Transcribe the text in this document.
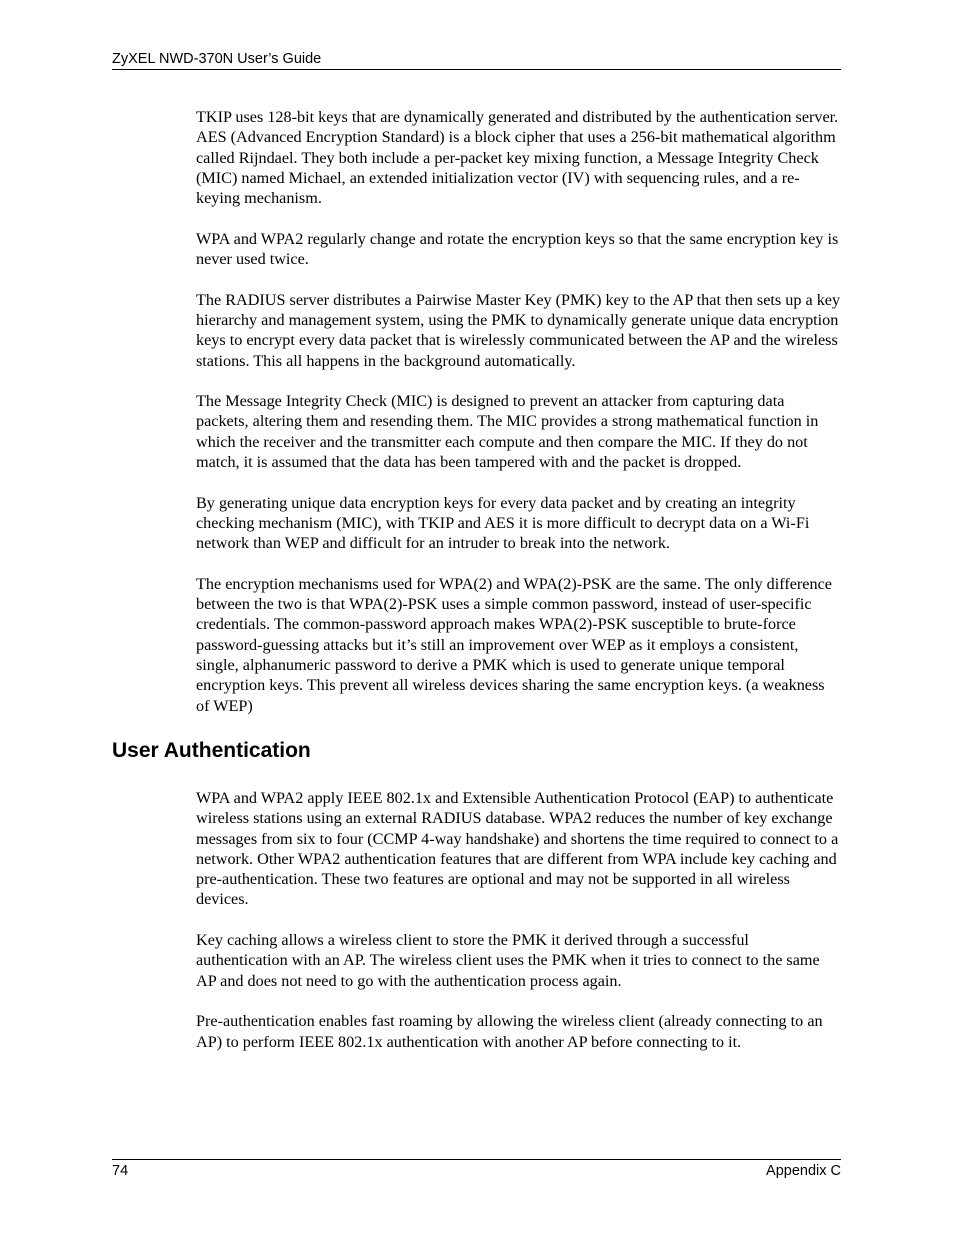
ZyXEL NWD-370N User’s Guide

TKIP uses 128-bit keys that are dynamically generated and distributed by the authentication server. AES (Advanced Encryption Standard) is a block cipher that uses a 256-bit mathematical algorithm called Rijndael. They both include a per-packet key mixing function, a Message Integrity Check (MIC) named Michael, an extended initialization vector (IV) with sequencing rules, and a re-keying mechanism.

WPA and WPA2 regularly change and rotate the encryption keys so that the same encryption key is never used twice.

The RADIUS server distributes a Pairwise Master Key (PMK) key to the AP that then sets up a key hierarchy and management system, using the PMK to dynamically generate unique data encryption keys to encrypt every data packet that is wirelessly communicated between the AP and the wireless stations. This all happens in the background automatically.

The Message Integrity Check (MIC) is designed to prevent an attacker from capturing data packets, altering them and resending them. The MIC provides a strong mathematical function in which the receiver and the transmitter each compute and then compare the MIC. If they do not match, it is assumed that the data has been tampered with and the packet is dropped.

By generating unique data encryption keys for every data packet and by creating an integrity checking mechanism (MIC), with TKIP and AES it is more difficult to decrypt data on a Wi-Fi network than WEP and difficult for an intruder to break into the network.

The encryption mechanisms used for WPA(2) and WPA(2)-PSK are the same. The only difference between the two is that WPA(2)-PSK uses a simple common password, instead of user-specific credentials. The common-password approach makes WPA(2)-PSK susceptible to brute-force password-guessing attacks but it’s still an improvement over WEP as it employs a consistent, single, alphanumeric password to derive a PMK which is used to generate unique temporal encryption keys. This prevent all wireless devices sharing the same encryption keys. (a weakness of WEP)

User Authentication

WPA and WPA2 apply IEEE 802.1x and Extensible Authentication Protocol (EAP) to authenticate wireless stations using an external RADIUS database. WPA2 reduces the number of key exchange messages from six to four (CCMP 4-way handshake) and shortens the time required to connect to a network. Other WPA2 authentication features that are different from WPA include key caching and pre-authentication. These two features are optional and may not be supported in all wireless devices.

Key caching allows a wireless client to store the PMK it derived through a successful authentication with an AP. The wireless client uses the PMK when it tries to connect to the same AP and does not need to go with the authentication process again.

Pre-authentication enables fast roaming by allowing the wireless client (already connecting to an AP) to perform IEEE 802.1x authentication with another AP before connecting to it.

74	Appendix C
